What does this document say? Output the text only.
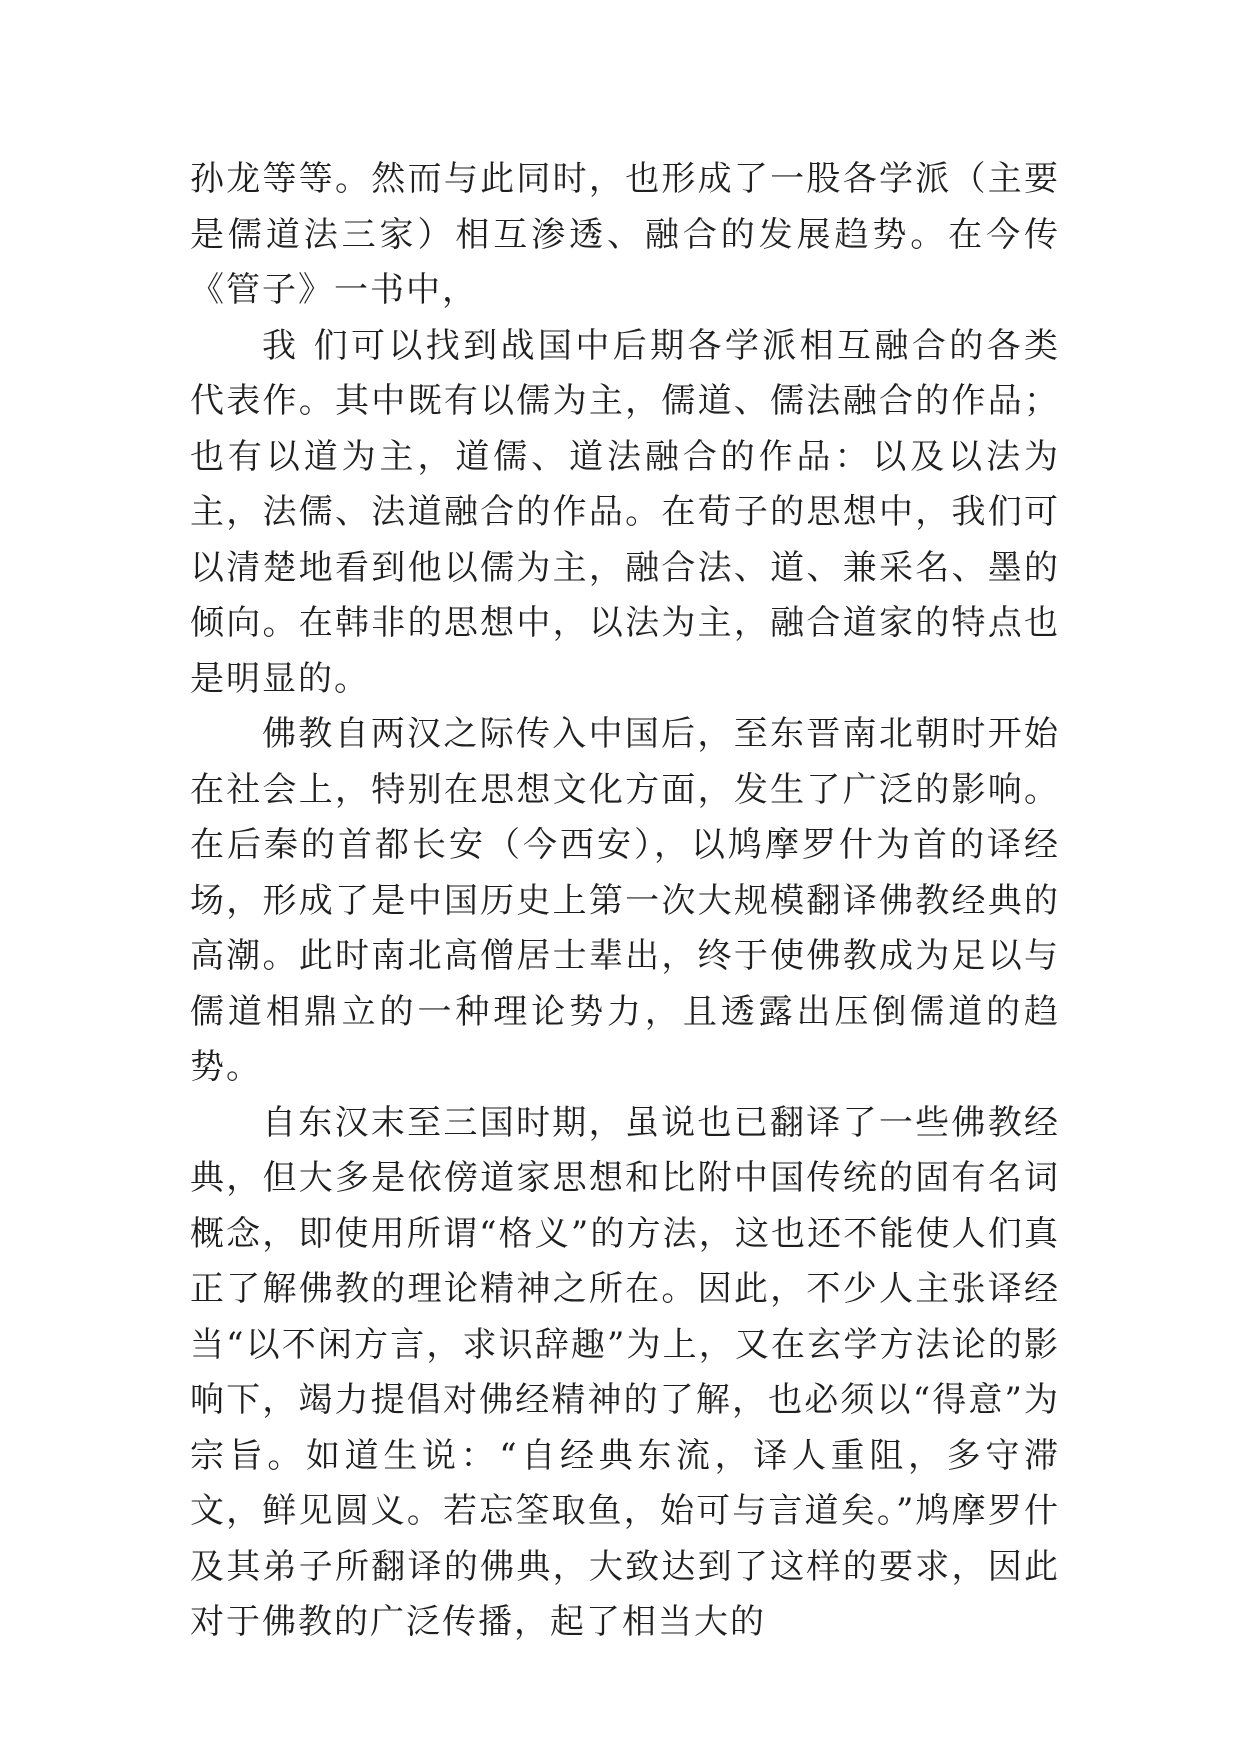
孙龙等等。然而与此同时，也形成了一股各学派（主要是儒道法三家）相互渗透、融合的发展趋势。在今传《管子》一书中，

我 们可以找到战国中后期各学派相互融合的各类代表作。其中既有以儒为主，儒道、儒法融合的作品；也有以道为主，道儒、道法融合的作品：以及以法为主，法儒、法道融合的作品。在荀子的思想中，我们可以清楚地看到他以儒为主，融合法、道、兼采名、墨的倾向。在韩非的思想中，以法为主，融合道家的特点也是明显的。

佛教自两汉之际传入中国后，至东晋南北朝时开始在社会上，特别在思想文化方面，发生了广泛的影响。在后秦的首都长安（今西安），以鸠摩罗什为首的译经场，形成了是中国历史上第一次大规模翻译佛教经典的高潮。此时南北高僧居士辈出，终于使佛教成为足以与儒道相鼎立的一种理论势力，且透露出压倒儒道的趋势。

自东汉末至三国时期，虽说也已翻译了一些佛教经典，但大多是依傍道家思想和比附中国传统的固有名词概念，即使用所谓“格义”的方法，这也还不能使人们真正了解佛教的理论精神之所在。因此，不少人主张译经当“以不闲方言，求识辞趣”为上，又在玄学方法论的影响下，竭力提倡对佛经精神的了解，也必须以“得意”为宗旨。如道生说：“自经典东流，译人重阻，多守滞文，鲜见圆义。若忘筌取鱼，始可与言道矣。”鸠摩罗什及其弟子所翻译的佛典，大致达到了这样的要求，因此对于佛教的广泛传播，起了相当大的
